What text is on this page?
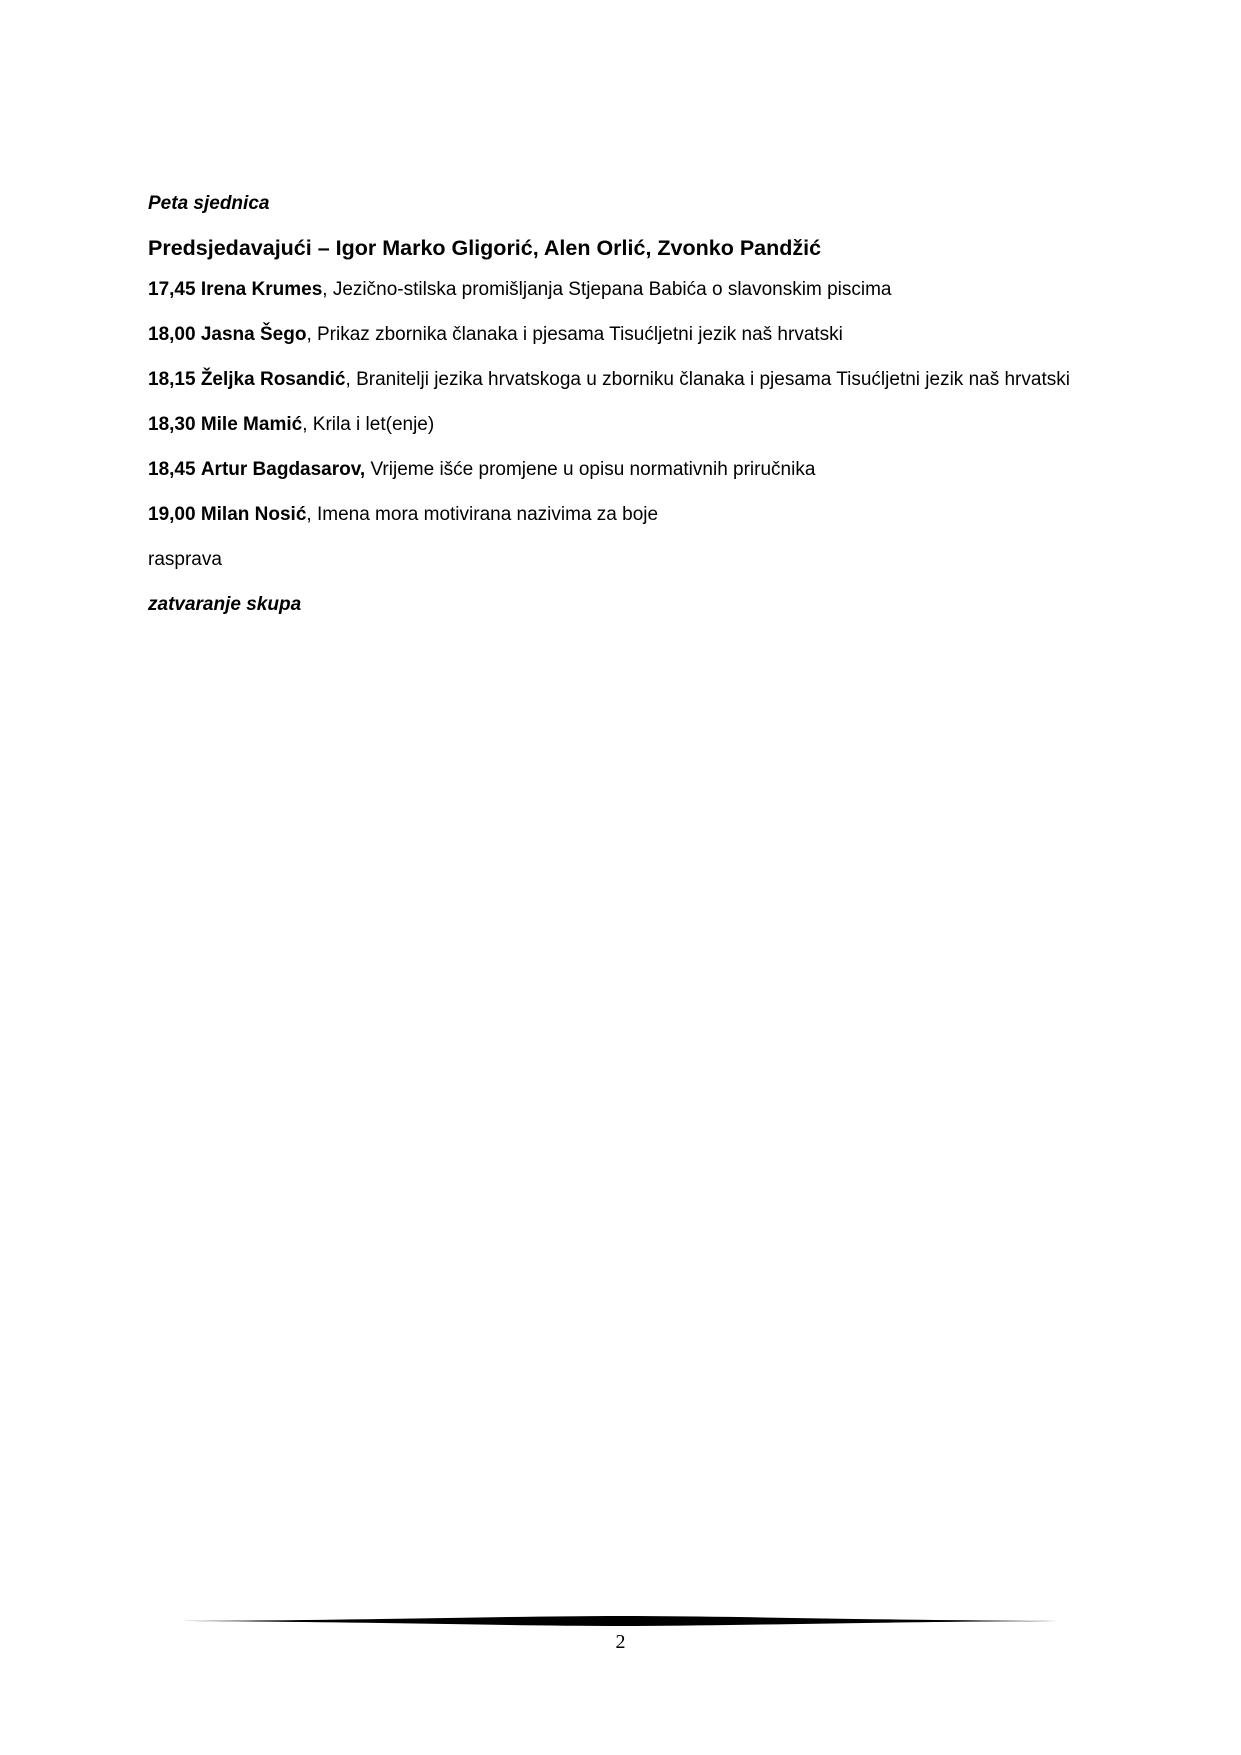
Peta sjednica

Predsjedavajući – Igor Marko Gligorić, Alen Orlić, Zvonko Pandžić

17,45 Irena Krumes, Jezično-stilska promišljanja Stjepana Babića o slavonskim piscima

18,00 Jasna Šego, Prikaz zbornika članaka i pjesama Tisućljetni jezik naš hrvatski

18,15 Željka Rosandić, Branitelji jezika hrvatskoga u zborniku članaka i pjesama Tisućljetni jezik naš hrvatski

18,30 Mile Mamić, Krila i let(enje)

18,45 Artur Bagdasarov, Vrijeme išće promjene u opisu normativnih priručnika

19,00 Milan Nosić, Imena mora motivirana nazivima za boje

rasprava

zatvaranje skupa

2
